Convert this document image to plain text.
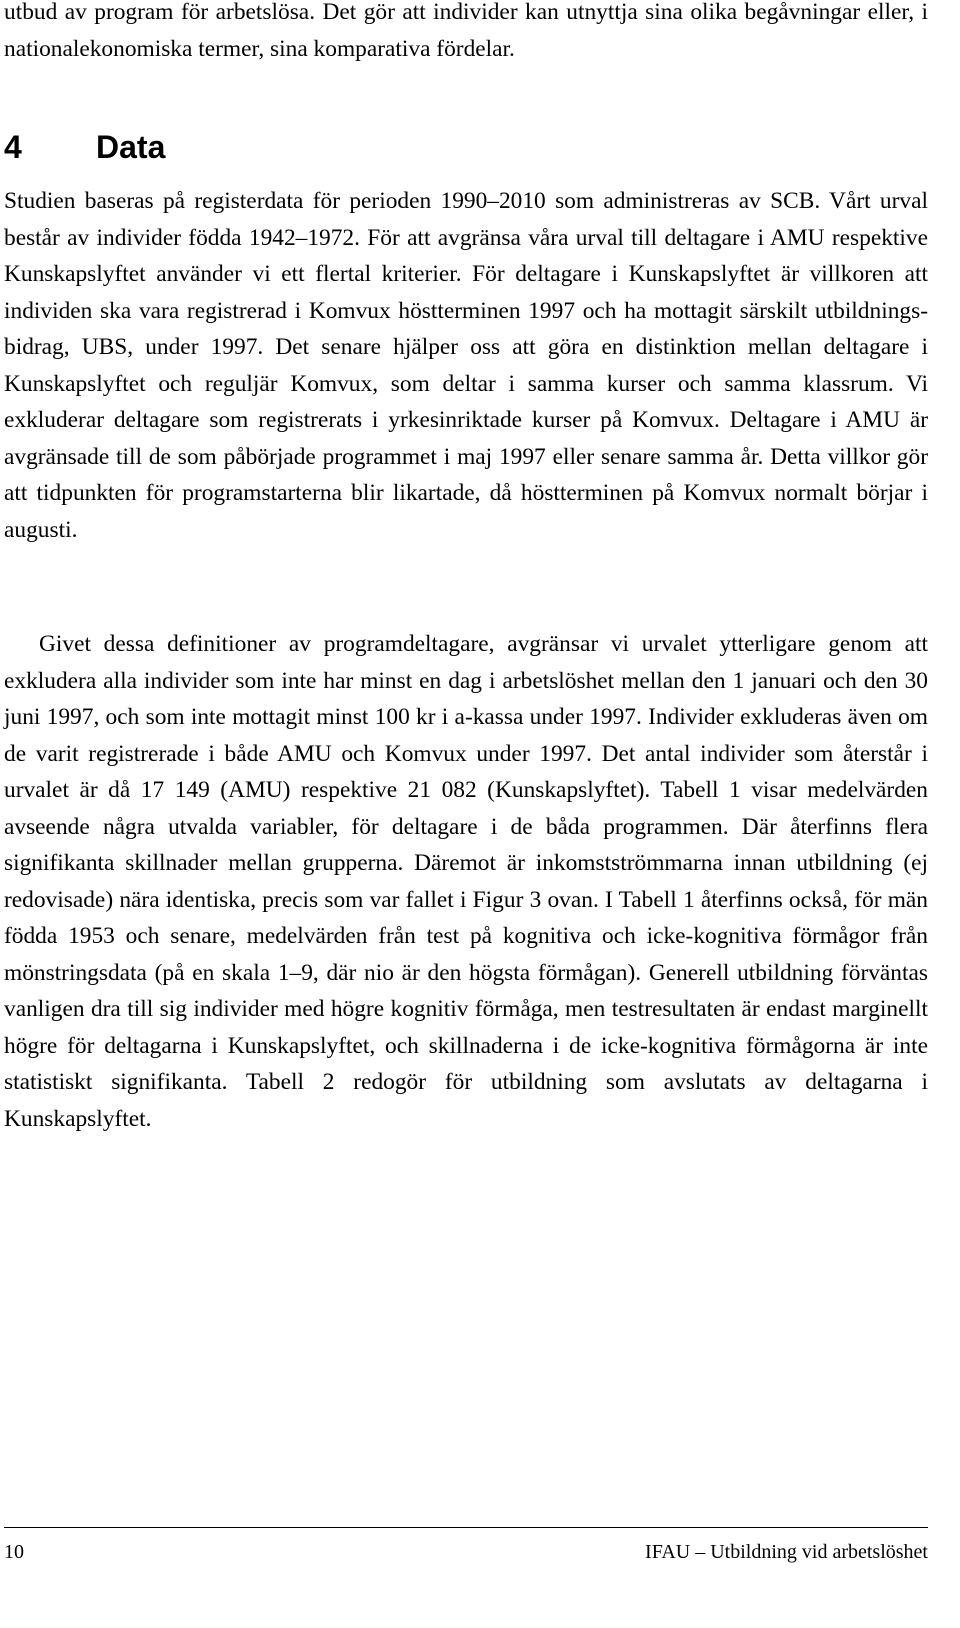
utbud av program för arbetslösa. Det gör att individer kan utnyttja sina olika begåvningar eller, i nationalekonomiska termer, sina komparativa fördelar.

4 Data

Studien baseras på registerdata för perioden 1990–2010 som administreras av SCB. Vårt urval består av individer födda 1942–1972. För att avgränsa våra urval till deltagare i AMU respektive Kunskapslyftet använder vi ett flertal kriterier. För deltagare i Kunskapslyftet är villkoren att individen ska vara registrerad i Komvux höstterminen 1997 och ha mottagit särskilt utbildningsbidrag, UBS, under 1997. Det senare hjälper oss att göra en distinktion mellan deltagare i Kunskapslyftet och reguljär Komvux, som deltar i samma kurser och samma klassrum. Vi exkluderar deltagare som registrerats i yrkesinriktade kurser på Komvux. Deltagare i AMU är avgränsade till de som påbörjade programmet i maj 1997 eller senare samma år. Detta villkor gör att tidpunkten för programstarterna blir likartade, då höstterminen på Komvux normalt börjar i augusti.

Givet dessa definitioner av programdeltagare, avgränsar vi urvalet ytterligare genom att exkludera alla individer som inte har minst en dag i arbetslöshet mellan den 1 januari och den 30 juni 1997, och som inte mottagit minst 100 kr i a-kassa under 1997. Individer exkluderas även om de varit registrerade i både AMU och Komvux under 1997. Det antal individer som återstår i urvalet är då 17 149 (AMU) respektive 21 082 (Kunskapslyftet). Tabell 1 visar medelvärden avseende några utvalda variabler, för deltagare i de båda programmen. Där återfinns flera signifikanta skillnader mellan grupperna. Däremot är inkomstströmmarna innan utbildning (ej redovisade) nära identiska, precis som var fallet i Figur 3 ovan. I Tabell 1 återfinns också, för män födda 1953 och senare, medelvärden från test på kognitiva och icke-kognitiva förmågor från mönstringsdata (på en skala 1–9, där nio är den högsta förmågan). Generell utbildning förväntas vanligen dra till sig individer med högre kognitiv förmåga, men testresultaten är endast marginellt högre för deltagarna i Kunskapslyftet, och skillnaderna i de icke-kognitiva förmågorna är inte statistiskt signifikanta. Tabell 2 redogör för utbildning som avslutats av deltagarna i Kunskapslyftet.

10	IFAU – Utbildning vid arbetslöshet
